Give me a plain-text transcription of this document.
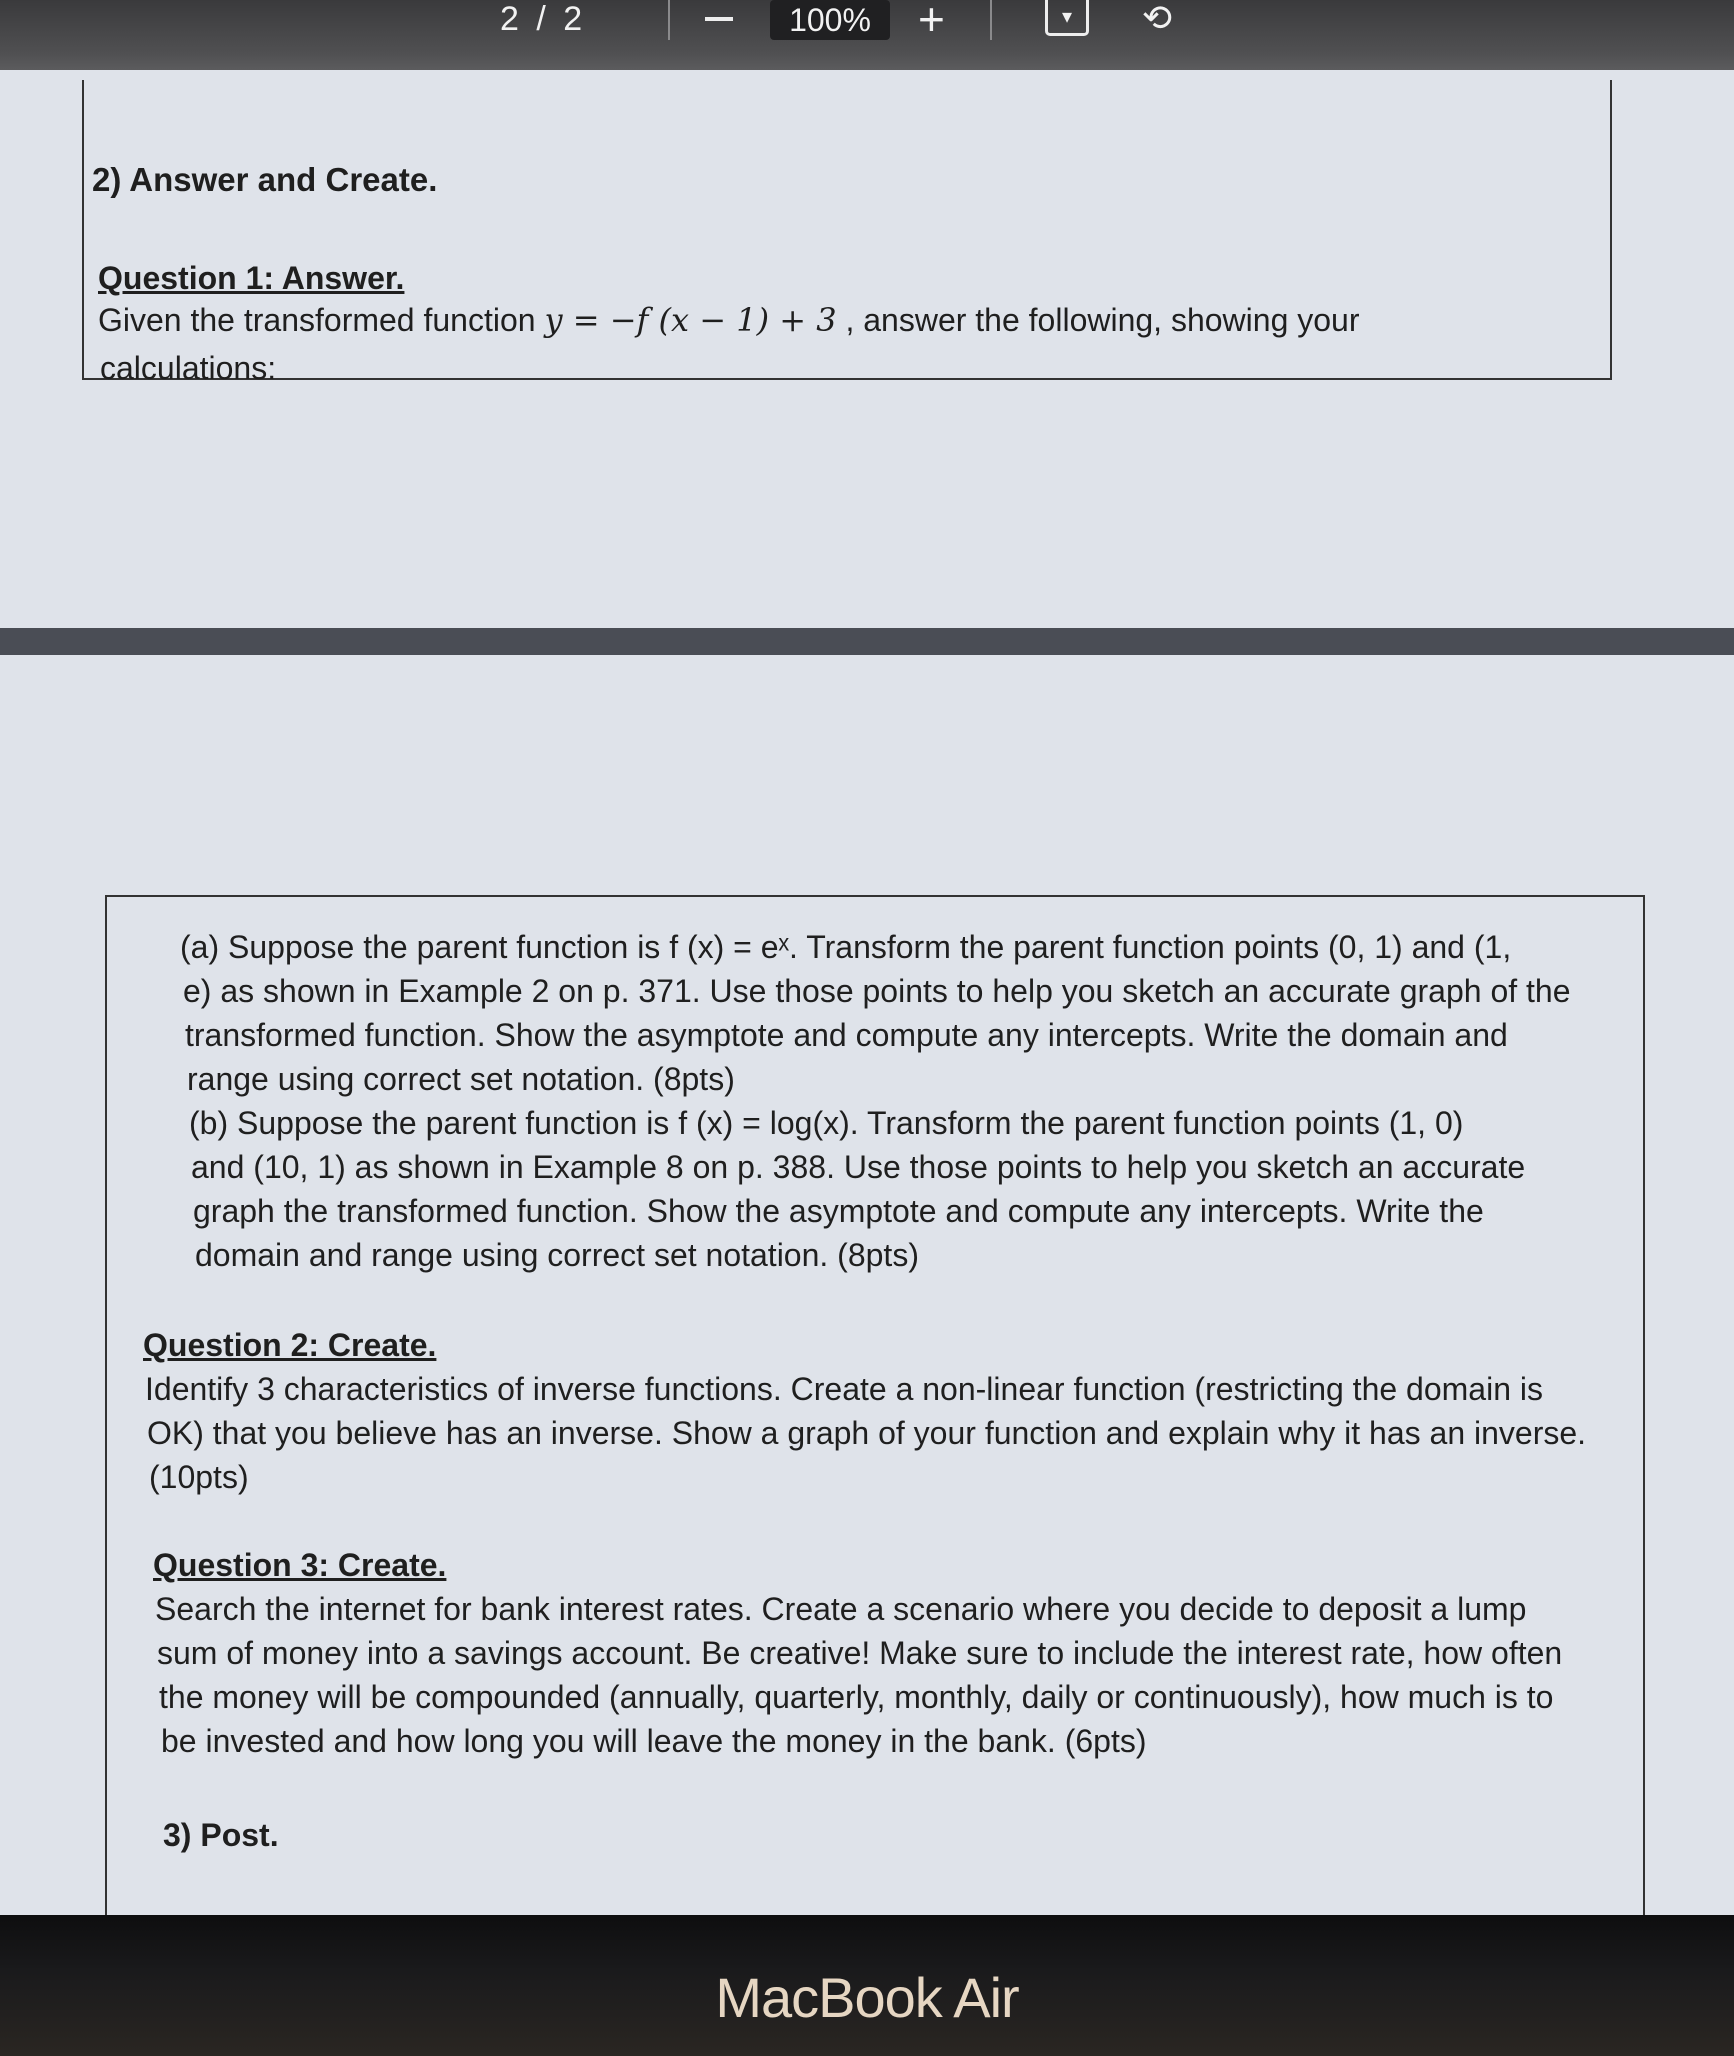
2 / 2	100%	+	▾	⟲
2) Answer and Create.
Question 1: Answer.
Given the transformed function y = −f (x − 1) + 3 , answer the following, showing your
calculations:
(a) Suppose the parent function is f (x) = eˣ. Transform the parent function points (0, 1) and (1,
e) as shown in Example 2 on p. 371. Use those points to help you sketch an accurate graph of the
transformed function. Show the asymptote and compute any intercepts. Write the domain and
range using correct set notation. (8pts)
(b) Suppose the parent function is f (x) = log(x). Transform the parent function points (1, 0)
and (10, 1) as shown in Example 8 on p. 388. Use those points to help you sketch an accurate
graph the transformed function. Show the asymptote and compute any intercepts. Write the
domain and range using correct set notation. (8pts)
Question 2: Create.
Identify 3 characteristics of inverse functions. Create a non-linear function (restricting the domain is
OK) that you believe has an inverse. Show a graph of your function and explain why it has an inverse.
(10pts)
Question 3: Create.
Search the internet for bank interest rates. Create a scenario where you decide to deposit a lump
sum of money into a savings account. Be creative! Make sure to include the interest rate, how often
the money will be compounded (annually, quarterly, monthly, daily or continuously), how much is to
be invested and how long you will leave the money in the bank. (6pts)
3) Post.
MacBook Air
